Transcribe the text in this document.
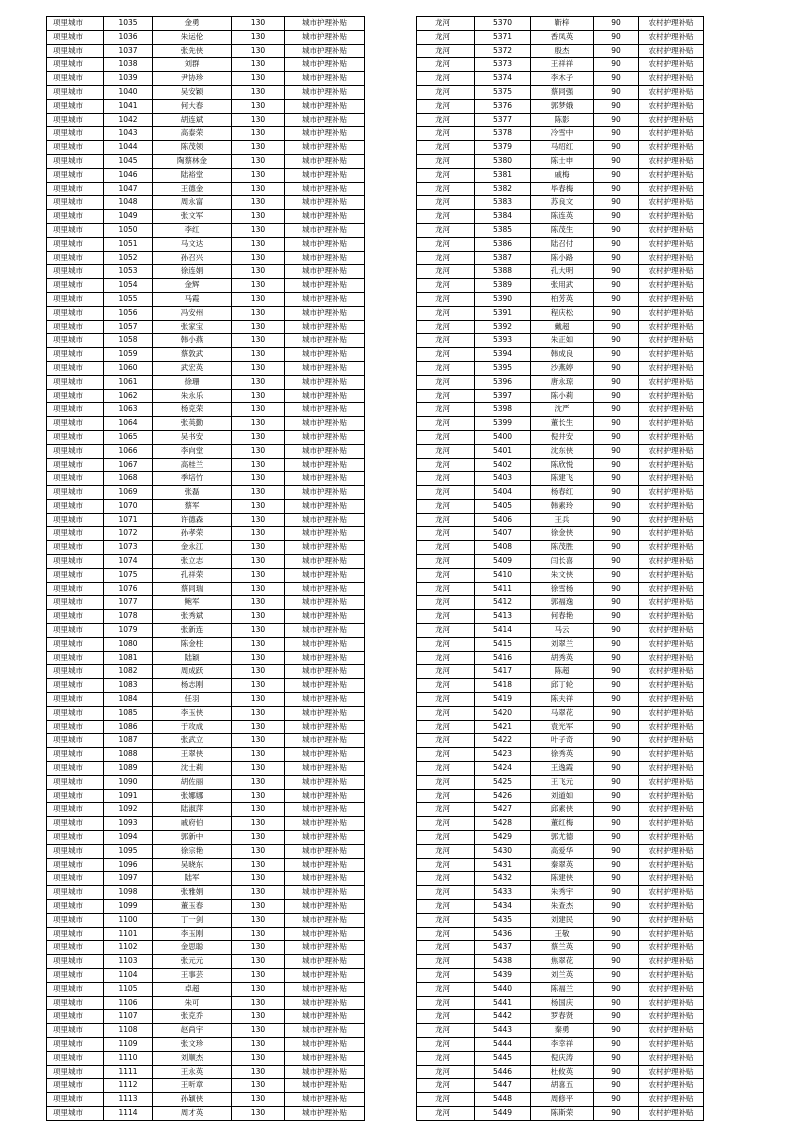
项里城市	1035	金勇	130	城市护理补贴
项里城市	1036	朱运伦	130	城市护理补贴
项里城市	1037	张先侠	130	城市护理补贴
项里城市	1038	刘群	130	城市护理补贴
项里城市	1039	尹协珍	130	城市护理补贴
项里城市	1040	吴安颖	130	城市护理补贴
项里城市	1041	何大春	130	城市护理补贴
项里城市	1042	胡连斌	130	城市护理补贴
项里城市	1043	高泰荣	130	城市护理补贴
项里城市	1044	陈茂领	130	城市护理补贴
项里城市	1045	陶蔡林金	130	城市护理补贴
项里城市	1046	陆裕堂	130	城市护理补贴
项里城市	1047	王德金	130	城市护理补贴
项里城市	1048	周永富	130	城市护理补贴
项里城市	1049	张文军	130	城市护理补贴
项里城市	1050	李红	130	城市护理补贴
项里城市	1051	马文达	130	城市护理补贴
项里城市	1052	孙召兴	130	城市护理补贴
项里城市	1053	徐连娟	130	城市护理补贴
项里城市	1054	金辉	130	城市护理补贴
项里城市	1055	马霞	130	城市护理补贴
项里城市	1056	冯安州	130	城市护理补贴
项里城市	1057	张家宝	130	城市护理补贴
项里城市	1058	韩小燕	130	城市护理补贴
项里城市	1059	蔡敦武	130	城市护理补贴
项里城市	1060	武宏英	130	城市护理补贴
项里城市	1061	徐珊	130	城市护理补贴
项里城市	1062	朱永乐	130	城市护理补贴
项里城市	1063	杨克荣	130	城市护理补贴
项里城市	1064	张英勤	130	城市护理补贴
项里城市	1065	吴书安	130	城市护理补贴
项里城市	1066	李向堂	130	城市护理补贴
项里城市	1067	高桂兰	130	城市护理补贴
项里城市	1068	季培竹	130	城市护理补贴
项里城市	1069	张磊	130	城市护理补贴
项里城市	1070	蔡军	130	城市护理补贴
项里城市	1071	许德森	130	城市护理补贴
项里城市	1072	孙孝荣	130	城市护理补贴
项里城市	1073	金永江	130	城市护理补贴
项里城市	1074	张立志	130	城市护理补贴
项里城市	1075	孔祥荣	130	城市护理补贴
项里城市	1076	蔡同瑞	130	城市护理补贴
项里城市	1077	鲍军	130	城市护理补贴
项里城市	1078	张秀斌	130	城市护理补贴
项里城市	1079	张新连	130	城市护理补贴
项里城市	1080	陈金柱	130	城市护理补贴
项里城市	1081	陆颖	130	城市护理补贴
项里城市	1082	周成跃	130	城市护理补贴
项里城市	1083	杨志刚	130	城市护理补贴
项里城市	1084	任羽	130	城市护理补贴
项里城市	1085	李玉侠	130	城市护理补贴
项里城市	1086	于攻成	130	城市护理补贴
项里城市	1087	张武立	130	城市护理补贴
项里城市	1088	王翠侠	130	城市护理补贴
项里城市	1089	沈士莉	130	城市护理补贴
项里城市	1090	胡佐丽	130	城市护理补贴
项里城市	1091	张娜娜	130	城市护理补贴
项里城市	1092	陆淑萍	130	城市护理补贴
项里城市	1093	戚府伯	130	城市护理补贴
项里城市	1094	郭新中	130	城市护理补贴
项里城市	1095	徐宗艳	130	城市护理补贴
项里城市	1096	吴晓东	130	城市护理补贴
项里城市	1097	陆军	130	城市护理补贴
项里城市	1098	张雅娟	130	城市护理补贴
项里城市	1099	董玉春	130	城市护理补贴
项里城市	1100	丁一剑	130	城市护理补贴
项里城市	1101	李玉刚	130	城市护理补贴
项里城市	1102	金思聪	130	城市护理补贴
项里城市	1103	张元元	130	城市护理补贴
项里城市	1104	王事芸	130	城市护理补贴
项里城市	1105	卓超	130	城市护理补贴
项里城市	1106	朱可	130	城市护理补贴
项里城市	1107	张克乔	130	城市护理补贴
项里城市	1108	赵尚宇	130	城市护理补贴
项里城市	1109	张文珍	130	城市护理补贴
项里城市	1110	刘顺杰	130	城市护理补贴
项里城市	1111	王永英	130	城市护理补贴
项里城市	1112	王听章	130	城市护理补贴
项里城市	1113	孙颖侠	130	城市护理补贴
项里城市	1114	周才英	130	城市护理补贴
龙河	5370	靳梓	90	农村护理补贴
龙河	5371	香凤英	90	农村护理补贴
龙河	5372	殷杰	90	农村护理补贴
龙河	5373	王祥祥	90	农村护理补贴
龙河	5374	李木子	90	农村护理补贴
龙河	5375	蔡同强	90	农村护理补贴
龙河	5376	郭梦娥	90	农村护理补贴
龙河	5377	陈影	90	农村护理补贴
龙河	5378	冷雪中	90	农村护理补贴
龙河	5379	马绍红	90	农村护理补贴
龙河	5380	陈士申	90	农村护理补贴
龙河	5381	戚梅	90	农村护理补贴
龙河	5382	毕春梅	90	农村护理补贴
龙河	5383	苏良文	90	农村护理补贴
龙河	5384	陈连英	90	农村护理补贴
龙河	5385	陈茂生	90	农村护理补贴
龙河	5386	陆召付	90	农村护理补贴
龙河	5387	陈小路	90	农村护理补贴
龙河	5388	孔大明	90	农村护理补贴
龙河	5389	张用武	90	农村护理补贴
龙河	5390	柏芳英	90	农村护理补贴
龙河	5391	程庆松	90	农村护理补贴
龙河	5392	戴超	90	农村护理补贴
龙河	5393	朱正如	90	农村护理补贴
龙河	5394	韩成良	90	农村护理补贴
龙河	5395	沙燕婷	90	农村护理补贴
龙河	5396	唐永琼	90	农村护理补贴
龙河	5397	陈小莉	90	农村护理补贴
龙河	5398	沈严	90	农村护理补贴
龙河	5399	董长生	90	农村护理补贴
龙河	5400	倪井安	90	农村护理补贴
龙河	5401	沈东侠	90	农村护理补贴
龙河	5402	陈欣悦	90	农村护理补贴
龙河	5403	陈建飞	90	农村护理补贴
龙河	5404	杨春红	90	农村护理补贴
龙河	5405	韩素玲	90	农村护理补贴
龙河	5406	王兵	90	农村护理补贴
龙河	5407	徐金侠	90	农村护理补贴
龙河	5408	陈茂胜	90	农村护理补贴
龙河	5409	闫长喜	90	农村护理补贴
龙河	5410	朱文侠	90	农村护理补贴
龙河	5411	徐雪杨	90	农村护理补贴
龙河	5412	郭福逸	90	农村护理补贴
龙河	5413	何春艳	90	农村护理补贴
龙河	5414	马云	90	农村护理补贴
龙河	5415	刘翠兰	90	农村护理补贴
龙河	5416	胡秀英	90	农村护理补贴
龙河	5417	陈超	90	农村护理补贴
龙河	5418	邱丁轮	90	农村护理补贴
龙河	5419	陈夫祥	90	农村护理补贴
龙河	5420	马翠花	90	农村护理补贴
龙河	5421	袁光军	90	农村护理补贴
龙河	5422	叶子奇	90	农村护理补贴
龙河	5423	徐秀英	90	农村护理补贴
龙河	5424	王逸霞	90	农村护理补贴
龙河	5425	王飞元	90	农村护理补贴
龙河	5426	刘道如	90	农村护理补贴
龙河	5427	邱素侠	90	农村护理补贴
龙河	5428	董红梅	90	农村护理补贴
龙河	5429	郭尤德	90	农村护理补贴
龙河	5430	高爱华	90	农村护理补贴
龙河	5431	秦翠英	90	农村护理补贴
龙河	5432	陈建侠	90	农村护理补贴
龙河	5433	朱秀宇	90	农村护理补贴
龙河	5434	朱查杰	90	农村护理补贴
龙河	5435	刘建民	90	农村护理补贴
龙河	5436	王敬	90	农村护理补贴
龙河	5437	蔡兰英	90	农村护理补贴
龙河	5438	焦翠花	90	农村护理补贴
龙河	5439	刘兰英	90	农村护理补贴
龙河	5440	陈福兰	90	农村护理补贴
龙河	5441	杨国庆	90	农村护理补贴
龙河	5442	罗春贤	90	农村护理补贴
龙河	5443	秦勇	90	农村护理补贴
龙河	5444	李幸祥	90	农村护理补贴
龙河	5445	倪庆涛	90	农村护理补贴
龙河	5446	杜攸英	90	农村护理补贴
龙河	5447	胡喜五	90	农村护理补贴
龙河	5448	周修平	90	农村护理补贴
龙河	5449	陈斯荣	90	农村护理补贴
